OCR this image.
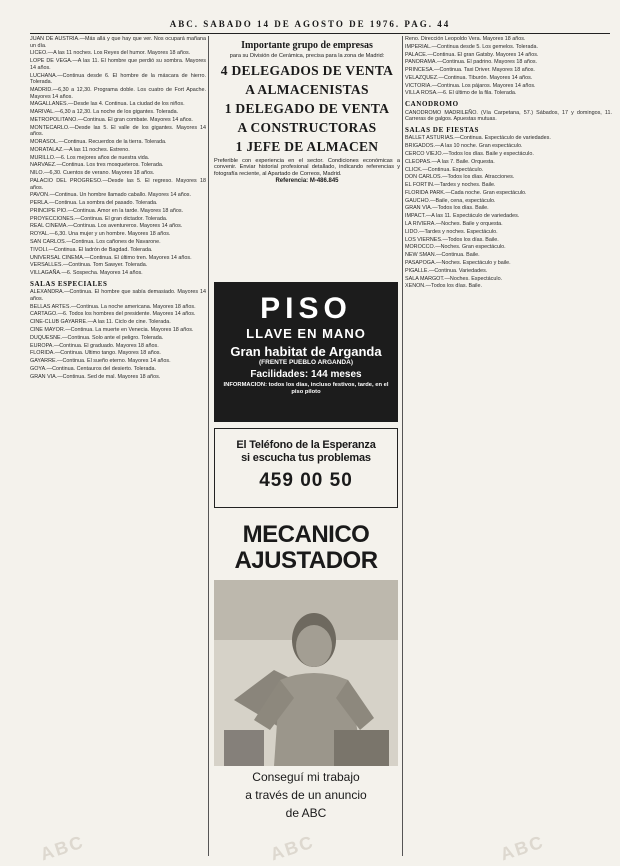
ABC. SABADO 14 DE AGOSTO DE 1976. PAG. 44
JUAN DE AUSTRIA.—Más allá y que hay que ver. Nos ocupará mañana un día.
LICEO.—A las 11 noches. Los Reyes del humor. Mayores 18 años.
LOPE DE VEGA.—A las 11. El hombre que perdió su sombra. Mayores 14 años.
LUCHANA.—Continua desde 6. El hombre de la máscara de hierro. Tolerada.
MADRID.—6,30 a 12,30. Programa doble. Los cuatro de Fort Apache. Mayores 14 años.
MAGALLANES.—Desde las 4. Continua. La ciudad de los niños.
MARIVAL.—6,30 a 12,30. La noche de los gigantes. Tolerada.
METROPOLITANO.—Continua. El gran combate. Mayores 14 años.
MONTECARLO.—Desde las 5. El valle de los gigantes. Mayores 14 años.
MORASOL.—Continua. Recuerdos de la tierra. Tolerada.
MORATALAZ.—A las 11 noches. Estreno.
MURILLO.—6. Los mejores años de nuestra vida.
NARVAEZ.—Continua. Los tres mosqueteros. Tolerada.
NILO.—6,30. Cuentos de verano. Mayores 18 años.
PALACIO DEL PROGRESO.—Desde las 5. El regreso. Mayores 18 años.
PAVON.—Continua. Un hombre llamado caballo. Mayores 14 años.
PERLA.—Continua. La sombra del pasado. Tolerada.
PRINCIPE PIO.—Continua. Amor en la tarde. Mayores 18 años.
PROYECCIONES.—Continua. El gran dictador. Tolerada.
REAL CINEMA.—Continua. Los aventureros. Mayores 14 años.
ROYAL.—6,30. Una mujer y un hombre. Mayores 18 años.
SAN CARLOS.—Continua. Los cañones de Navarone.
TIVOLI.—Continua. El ladrón de Bagdad. Tolerada.
UNIVERSAL CINEMA.—Continua. El último tren. Mayores 14 años.
VERSALLES.—Continua. Tom Sawyer. Tolerada.
VILLAGAÑA.—6. Sospecha. Mayores 14 años.
SALAS ESPECIALES
ALEXANDRA.—Continua. El hombre que sabía demasiado. Mayores 14 años.
BELLAS ARTES.—Continua. La noche americana. Mayores 18 años.
CARTAGO.—6. Todos los hombres del presidente. Mayores 14 años.
CINE-CLUB GAYARRE.—A las 11. Ciclo de cine. Tolerada.
CINE MAYOR.—Continua. La muerte en Venecia. Mayores 18 años.
DUQUESNE.—Continua. Solo ante el peligro. Tolerada.
EUROPA.—Continua. El graduado. Mayores 18 años.
FLORIDA.—Continua. Ultimo tango. Mayores 18 años.
GAYARRE.—Continua. El sueño eterno. Mayores 14 años.
GOYA.—Continua. Centauros del desierto. Tolerada.
GRAN VIA.—Continua. Sed de mal. Mayores 18 años.
Importante grupo de empresas
para su División de Cerámica, precisa para la zona de Madrid:
4 DELEGADOS DE VENTA
A ALMACENISTAS
1 DELEGADO DE VENTA
A CONSTRUCTORAS
1 JEFE DE ALMACEN
Preferible con experiencia en el sector. Condiciones económicas a convenir. Enviar historial profesional detallado, indicando referencias y fotografía reciente, al Apartado de Correos, Madrid.
Referencia: M-486.845
PISO
LLAVE EN MANO
Gran habitat de Arganda
(FRENTE PUEBLO ARGANDA)
Facilidades: 144 meses
INFORMACION: todos los días, incluso festivos, tarde, en el piso piloto
El Teléfono de la Esperanza
si escucha tus problemas
459 00 50
MECANICO
AJUSTADOR
Conseguí mi trabajo
a través de un anuncio
de ABC
Reno. Dirección Leopoldo Vera. Mayores 18 años.
IMPERIAL.—Continua desde 5. Los gemelos. Tolerada.
PALACE.—Continua. El gran Gatsby. Mayores 14 años.
PANORAMA.—Continua. El padrino. Mayores 18 años.
PRINCESA.—Continua. Taxi Driver. Mayores 18 años.
VELAZQUEZ.—Continua. Tiburón. Mayores 14 años.
VICTORIA.—Continua. Los pájaros. Mayores 14 años.
VILLA ROSA.—6. El último de la fila. Tolerada.
CANODROMO
CANODROMO MADRILEÑO. (Vía Carpetana, 57.) Sábados, 17 y domingos, 11. Carreras de galgos. Apuestas mutuas.
SALAS DE FIESTAS
BALLET ASTURIAS.—Continua. Espectáculo de variedades.
BRIGADOS.—A las 10 noche. Gran espectáculo.
CERCO VIEJO.—Todos los días. Baile y espectáculo.
CLEOPAS.—A las 7. Baile. Orquesta.
CLICK.—Continua. Espectáculo.
DON CARLOS.—Todos los días. Atracciones.
EL FORTIN.—Tardes y noches. Baile.
FLORIDA PARK.—Cada noche. Gran espectáculo.
GAUCHO.—Baile, cena, espectáculo.
GRAN VIA.—Todos los días. Baile.
IMPACT.—A las 11. Espectáculo de variedades.
LA RIVIERA.—Noches. Baile y orquesta.
LIDO.—Tardes y noches. Espectáculo.
LOS VIERNES.—Todos los días. Baile.
MOROCCO.—Noches. Gran espectáculo.
NEW SMAN.—Continua. Baile.
PASAPOGA.—Noches. Espectáculo y baile.
PIGALLE.—Continua. Variedades.
SALA MARGOT.—Noches. Espectáculo.
XENON.—Todos los días. Baile.
ABC	ABC	ABC
